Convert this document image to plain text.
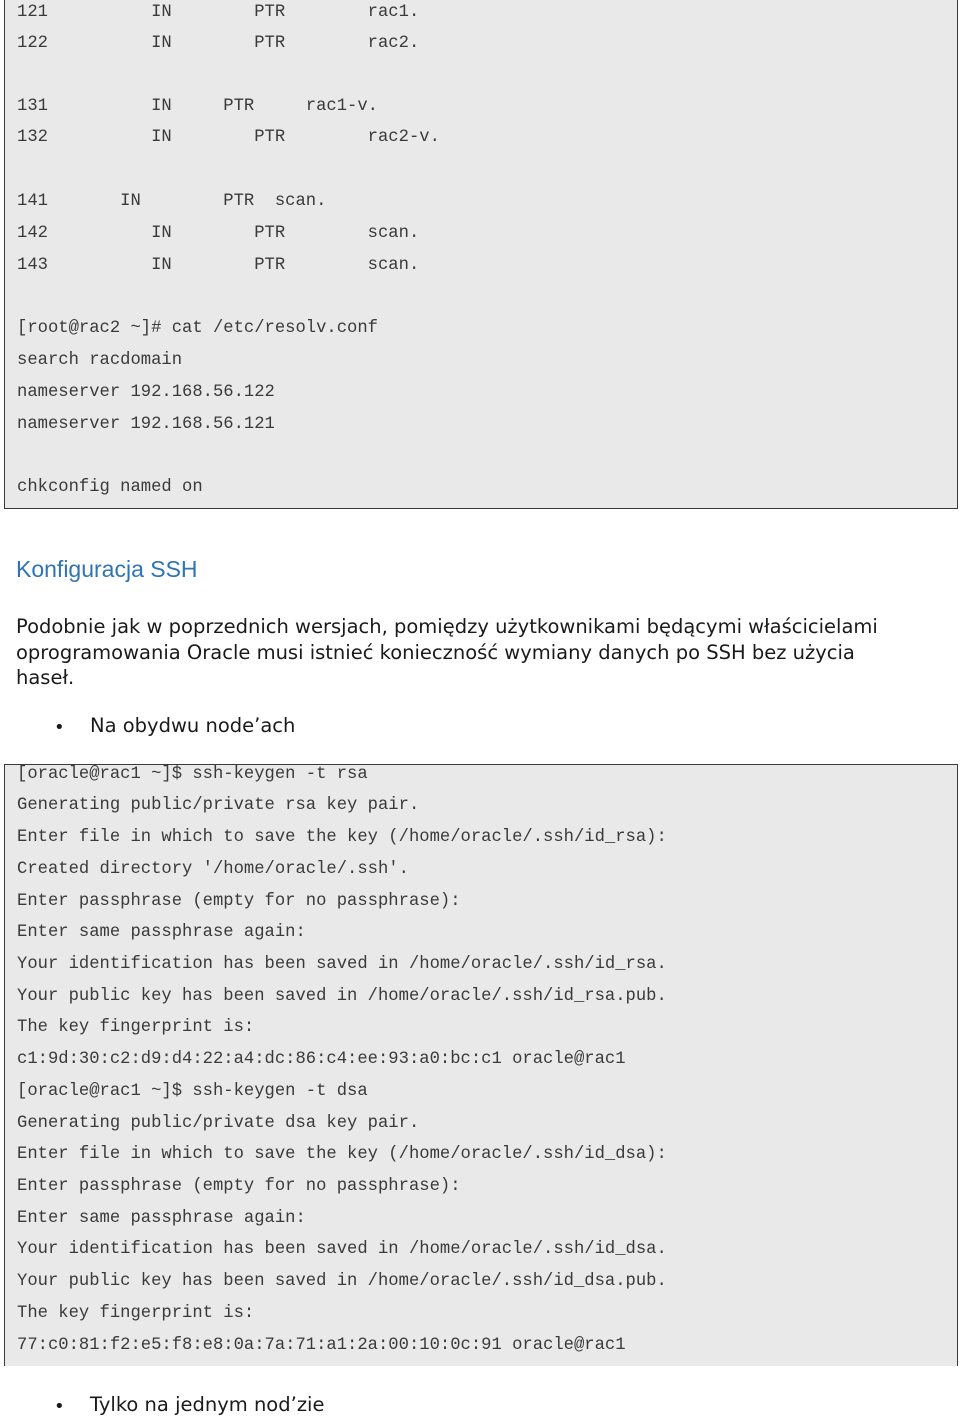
121          IN        PTR        rac1.
122          IN        PTR        rac2.
131          IN     PTR     rac1-v.
132          IN        PTR        rac2-v.
141       IN        PTR  scan.
142          IN        PTR        scan.
143          IN        PTR        scan.
[root@rac2 ~]# cat /etc/resolv.conf
search racdomain
nameserver 192.168.56.122
nameserver 192.168.56.121
chkconfig named on
Konfiguracja SSH
Podobnie jak w poprzednich wersjach, pomiędzy użytkownikami będącymi właścicielami
oprogramowania Oracle musi istnieć konieczność wymiany danych po SSH bez użycia
haseł.
• Na obydwu node’ach
[oracle@rac1 ~]$ ssh-keygen -t rsa
Generating public/private rsa key pair.
Enter file in which to save the key (/home/oracle/.ssh/id_rsa):
Created directory '/home/oracle/.ssh'.
Enter passphrase (empty for no passphrase):
Enter same passphrase again:
Your identification has been saved in /home/oracle/.ssh/id_rsa.
Your public key has been saved in /home/oracle/.ssh/id_rsa.pub.
The key fingerprint is:
c1:9d:30:c2:d9:d4:22:a4:dc:86:c4:ee:93:a0:bc:c1 oracle@rac1
[oracle@rac1 ~]$ ssh-keygen -t dsa
Generating public/private dsa key pair.
Enter file in which to save the key (/home/oracle/.ssh/id_dsa):
Enter passphrase (empty for no passphrase):
Enter same passphrase again:
Your identification has been saved in /home/oracle/.ssh/id_dsa.
Your public key has been saved in /home/oracle/.ssh/id_dsa.pub.
The key fingerprint is:
77:c0:81:f2:e5:f8:e8:0a:7a:71:a1:2a:00:10:0c:91 oracle@rac1
• Tylko na jednym nod’zie
